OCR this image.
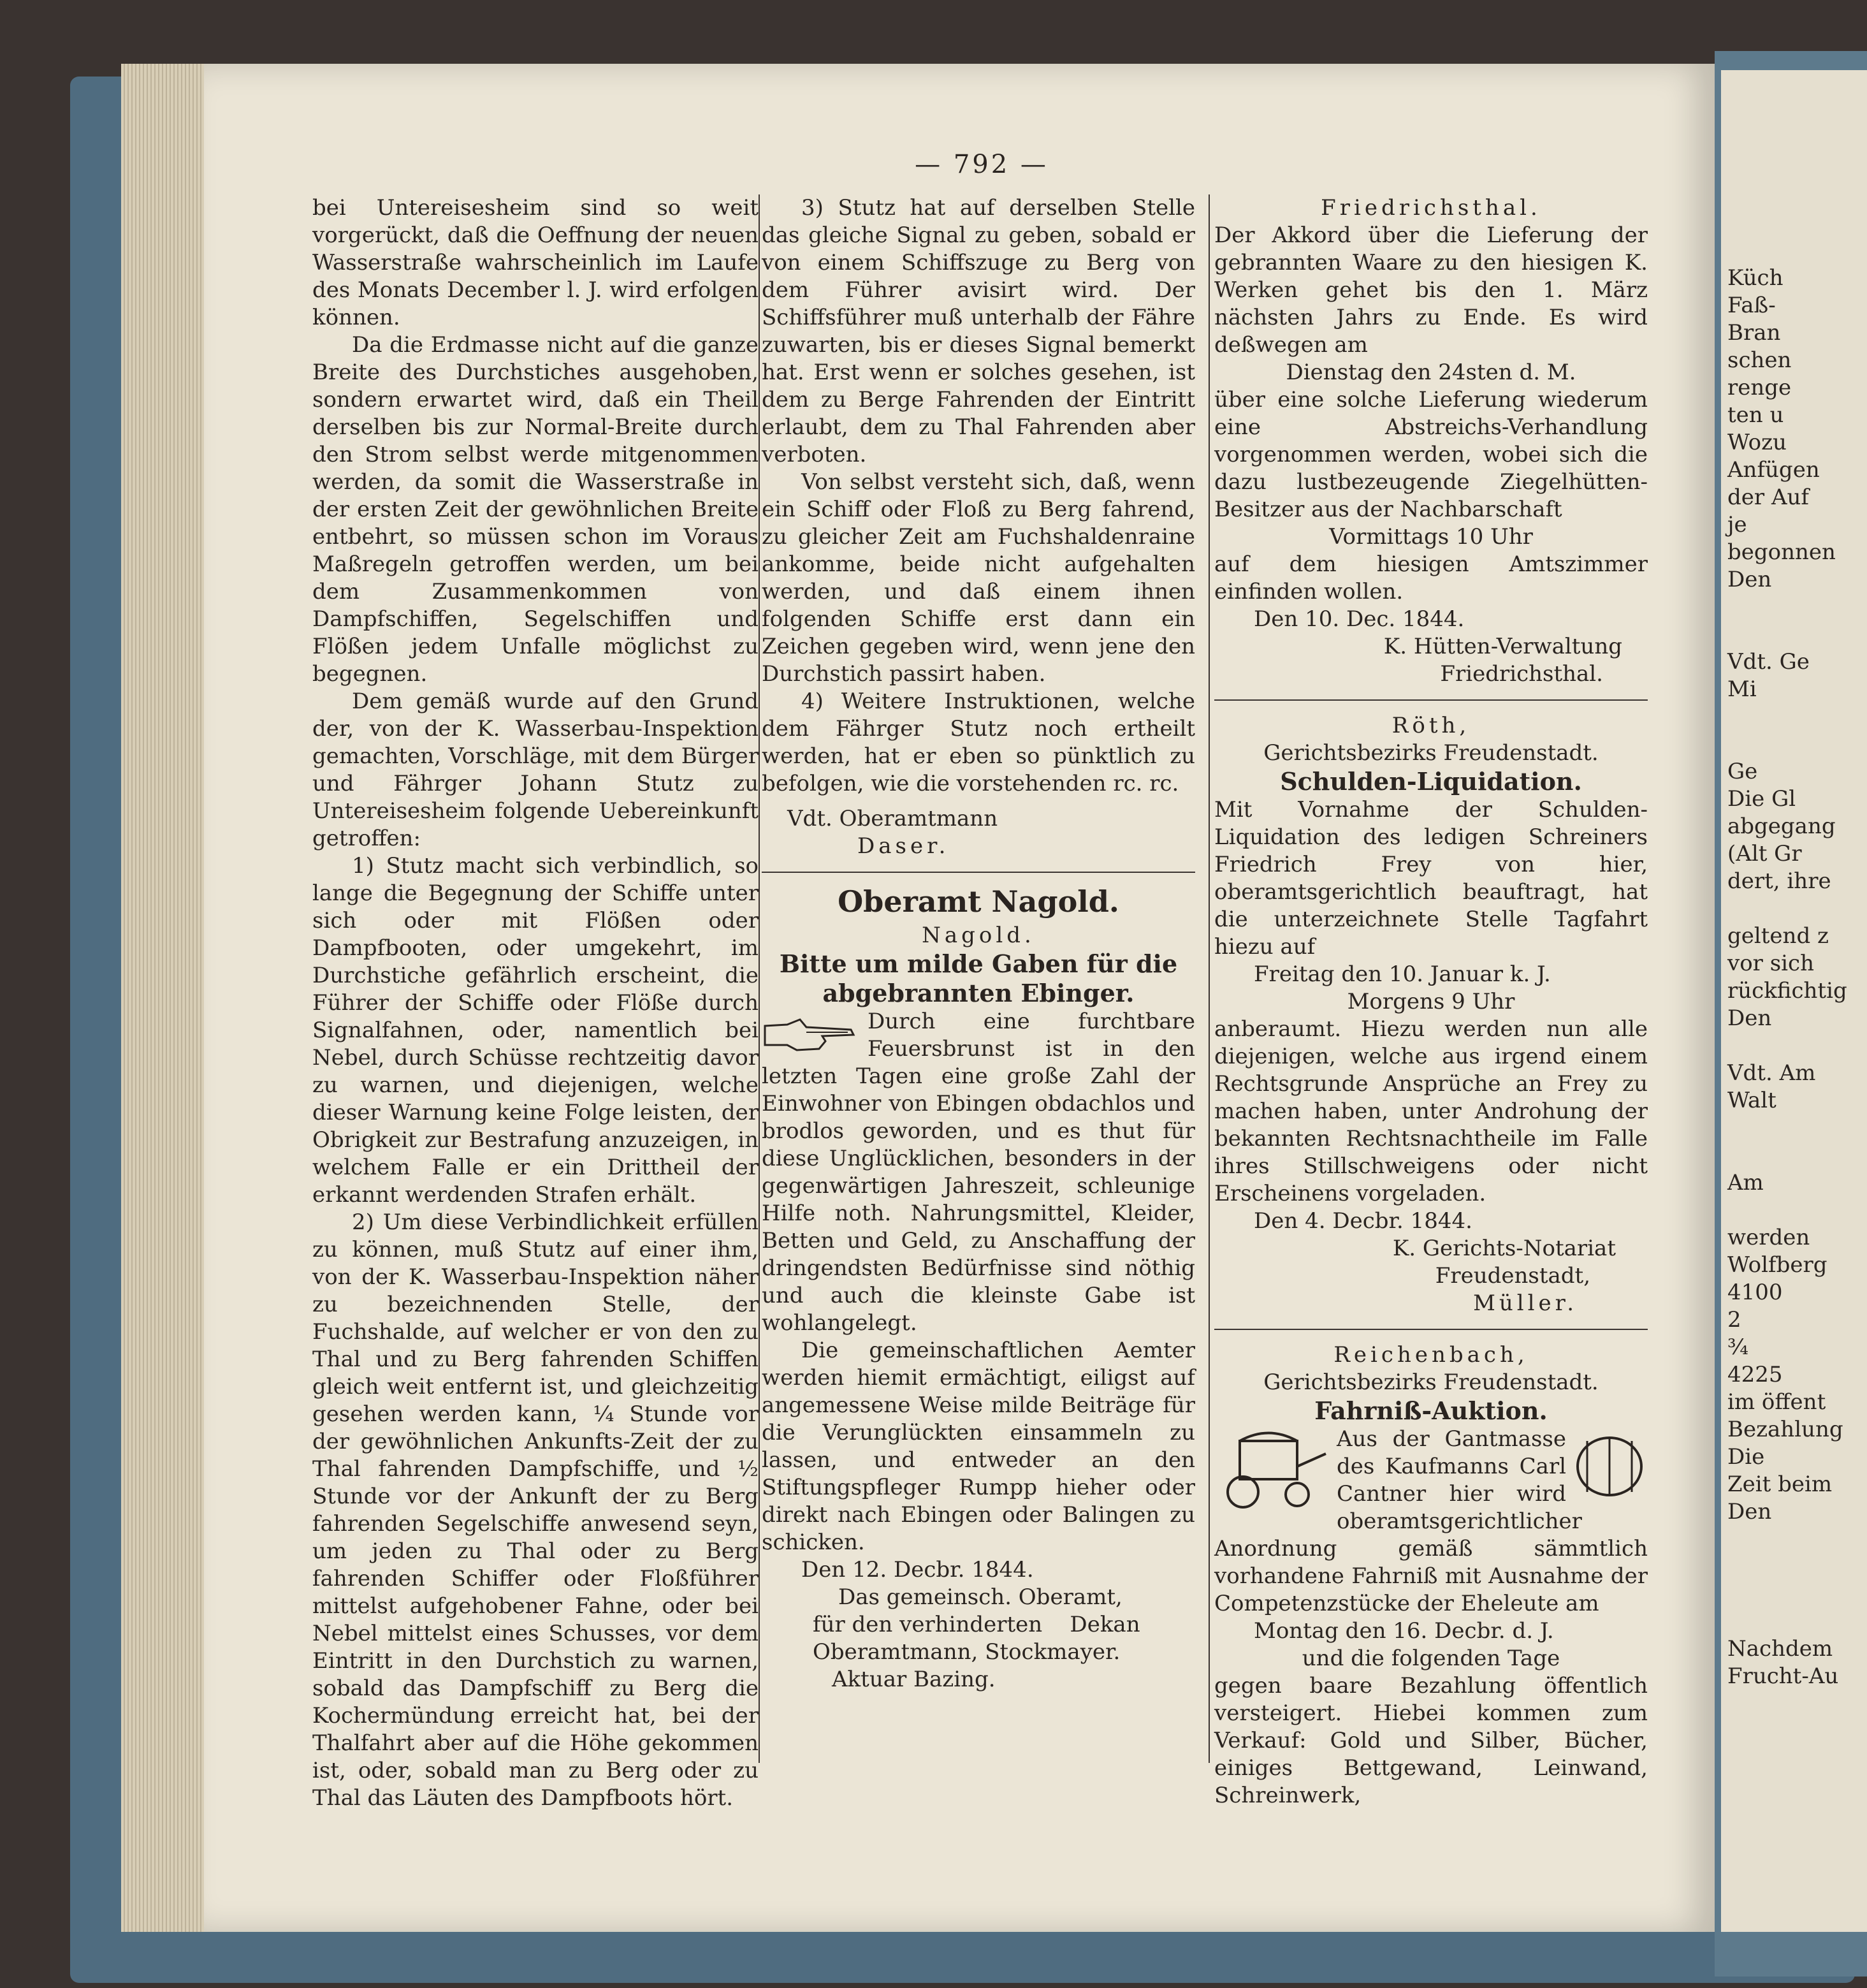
Küch
Faß-
Bran
schen
renge
ten u
Wozu
Anfügen
der Auf
je
begonnen
Den

Vdt. Ge
Mi

Ge
Die Gl
abgegang
(Alt Gr
dert, ihre

geltend z
vor sich
rückfichtig
Den

Vdt. Am
Walt

Am

werden
Wolfberg
4100
2
¾
4225
im öffent
Bezahlung
Die
Zeit beim
Den

Nachdem
Frucht-Au
— 792 —

bei Untereisesheim sind so weit vorgerückt, daß die Oeffnung der neuen Wasserstraße wahrscheinlich im Laufe des Monats December l. J. wird erfolgen können.

Da die Erdmasse nicht auf die ganze Breite des Durchstiches ausgehoben, sondern erwartet wird, daß ein Theil derselben bis zur Normal-Breite durch den Strom selbst werde mitgenommen werden, da somit die Wasserstraße in der ersten Zeit der gewöhnlichen Breite entbehrt, so müssen schon im Voraus Maßregeln getroffen werden, um bei dem Zusammenkommen von Dampfschiffen, Segelschiffen und Flößen jedem Unfalle möglichst zu begegnen.

Dem gemäß wurde auf den Grund der, von der K. Wasserbau-Inspektion gemachten, Vorschläge, mit dem Bürger und Fährger Johann Stutz zu Untereisesheim folgende Uebereinkunft getroffen:

1) Stutz macht sich verbindlich, so lange die Begegnung der Schiffe unter sich oder mit Flößen oder Dampfbooten, oder umgekehrt, im Durchstiche gefährlich erscheint, die Führer der Schiffe oder Flöße durch Signalfahnen, oder, namentlich bei Nebel, durch Schüsse rechtzeitig davor zu warnen, und diejenigen, welche dieser Warnung keine Folge leisten, der Obrigkeit zur Bestrafung anzuzeigen, in welchem Falle er ein Drittheil der erkannt werdenden Strafen erhält.

2) Um diese Verbindlichkeit erfüllen zu können, muß Stutz auf einer ihm, von der K. Wasserbau-Inspektion näher zu bezeichnenden Stelle, der Fuchshalde, auf welcher er von den zu Thal und zu Berg fahrenden Schiffen gleich weit entfernt ist, und gleichzeitig gesehen werden kann, ¼ Stunde vor der gewöhnlichen Ankunfts-Zeit der zu Thal fahrenden Dampfschiffe, und ½ Stunde vor der Ankunft der zu Berg fahrenden Segelschiffe anwesend seyn, um jeden zu Thal oder zu Berg fahrenden Schiffer oder Floßführer mittelst aufgehobener Fahne, oder bei Nebel mittelst eines Schusses, vor dem Eintritt in den Durchstich zu warnen, sobald das Dampfschiff zu Berg die Kochermündung erreicht hat, bei der Thalfahrt aber auf die Höhe gekommen ist, oder, sobald man zu Berg oder zu Thal das Läuten des Dampfboots hört.

3) Stutz hat auf derselben Stelle das gleiche Signal zu geben, sobald er von einem Schiffszuge zu Berg von dem Führer avisirt wird. Der Schiffsführer muß unterhalb der Fähre zuwarten, bis er dieses Signal bemerkt hat. Erst wenn er solches gesehen, ist dem zu Berge Fahrenden der Eintritt erlaubt, dem zu Thal Fahrenden aber verboten.

Von selbst versteht sich, daß, wenn ein Schiff oder Floß zu Berg fahrend, zu gleicher Zeit am Fuchshaldenraine ankomme, beide nicht aufgehalten werden, und daß einem ihnen folgenden Schiffe erst dann ein Zeichen gegeben wird, wenn jene den Durchstich passirt haben.

4) Weitere Instruktionen, welche dem Fährger Stutz noch ertheilt werden, hat er eben so pünktlich zu befolgen, wie die vorstehenden rc. rc.

Vdt. Oberamtmann

Daser.

Oberamt Nagold.

Nagold.

Bitte um milde Gaben für die abgebrannten Ebinger.

Durch eine furchtbare Feuersbrunst ist in den letzten Tagen eine große Zahl der Einwohner von Ebingen obdachlos und brodlos geworden, und es thut für diese Unglücklichen, besonders in der gegenwärtigen Jahreszeit, schleunige Hilfe noth. Nahrungsmittel, Kleider, Betten und Geld, zu Anschaffung der dringendsten Bedürfnisse sind nöthig und auch die kleinste Gabe ist wohlangelegt.

Die gemeinschaftlichen Aemter werden hiemit ermächtigt, eiligst auf angemessene Weise milde Beiträge für die Verunglückten einsammeln zu lassen, und entweder an den Stiftungspfleger Rumpp hieher oder direkt nach Ebingen oder Balingen zu schicken.

Den 12. Decbr. 1844.

Das gemeinsch. Oberamt,

für den verhinderten    Dekan

Oberamtmann, Stockmayer.

Aktuar Bazing.

Friedrichsthal.

Der Akkord über die Lieferung der gebrannten Waare zu den hiesigen K. Werken gehet bis den 1. März nächsten Jahrs zu Ende. Es wird deßwegen am

Dienstag den 24sten d. M.

über eine solche Lieferung wiederum eine Abstreichs-Verhandlung vorgenommen werden, wobei sich die dazu lustbezeugende Ziegelhütten-Besitzer aus der Nachbarschaft

Vormittags 10 Uhr

auf dem hiesigen Amtszimmer einfinden wollen.

Den 10. Dec. 1844.

K. Hütten-Verwaltung

Friedrichsthal.

Röth,

Gerichtsbezirks Freudenstadt.

Schulden-Liquidation.

Mit Vornahme der Schulden-Liquidation des ledigen Schreiners Friedrich Frey von hier, oberamtsgerichtlich beauftragt, hat die unterzeichnete Stelle Tagfahrt hiezu auf

Freitag den 10. Januar k. J.

Morgens 9 Uhr

anberaumt. Hiezu werden nun alle diejenigen, welche aus irgend einem Rechtsgrunde Ansprüche an Frey zu machen haben, unter Androhung der bekannten Rechtsnachtheile im Falle ihres Stillschweigens oder nicht Erscheinens vorgeladen.

Den 4. Decbr. 1844.

K. Gerichts-Notariat

Freudenstadt,

Müller.

Reichenbach,

Gerichtsbezirks Freudenstadt.

Fahrniß-Auktion.

Aus der Gantmasse des Kaufmanns Carl Cantner hier wird oberamtsgerichtlicher Anordnung gemäß sämmtlich vorhandene Fahrniß mit Ausnahme der Competenzstücke der Eheleute am

Montag den 16. Decbr. d. J.

und die folgenden Tage

gegen baare Bezahlung öffentlich versteigert. Hiebei kommen zum Verkauf: Gold und Silber, Bücher, einiges Bettgewand, Leinwand, Schreinwerk,
